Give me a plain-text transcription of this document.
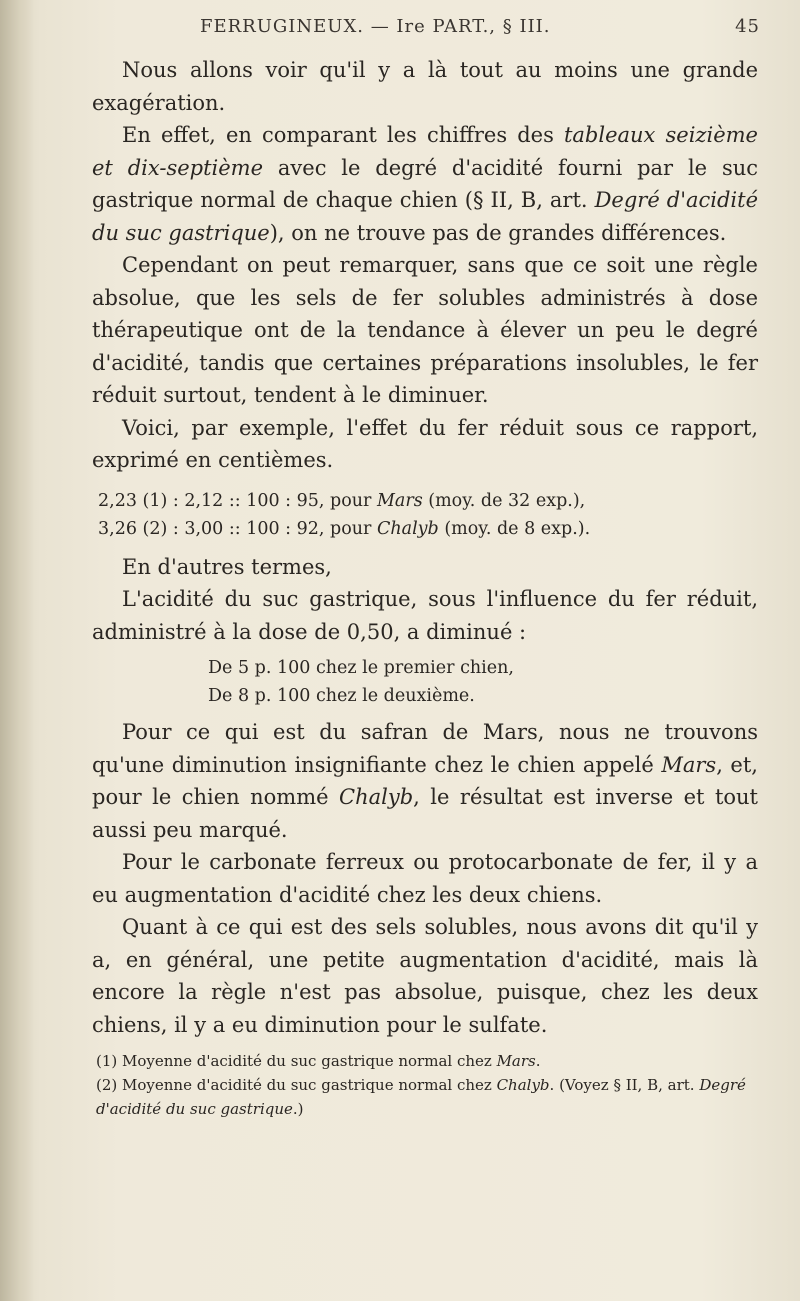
FERRUGINEUX. — Ire PART., § III.	45

Nous allons voir qu'il y a là tout au moins une grande exagération.

En effet, en comparant les chiffres des tableaux seizième et dix-septième avec le degré d'acidité fourni par le suc gastrique normal de chaque chien (§ II, B, art. Degré d'acidité du suc gastrique), on ne trouve pas de grandes différences.

Cependant on peut remarquer, sans que ce soit une règle absolue, que les sels de fer solubles administrés à dose thérapeutique ont de la tendance à élever un peu le degré d'acidité, tandis que certaines préparations insolubles, le fer réduit surtout, tendent à le diminuer.

Voici, par exemple, l'effet du fer réduit sous ce rapport, exprimé en centièmes.

2,23 (1) : 2,12 :: 100 : 95, pour Mars (moy. de 32 exp.),
3,26 (2) : 3,00 :: 100 : 92, pour Chalyb (moy. de 8 exp.).

En d'autres termes,

L'acidité du suc gastrique, sous l'influence du fer réduit, administré à la dose de 0,50, a diminué :

De 5 p. 100 chez le premier chien,
De 8 p. 100 chez le deuxième.

Pour ce qui est du safran de Mars, nous ne trouvons qu'une diminution insignifiante chez le chien appelé Mars, et, pour le chien nommé Chalyb, le résultat est inverse et tout aussi peu marqué.

Pour le carbonate ferreux ou protocarbonate de fer, il y a eu augmentation d'acidité chez les deux chiens.

Quant à ce qui est des sels solubles, nous avons dit qu'il y a, en général, une petite augmentation d'acidité, mais là encore la règle n'est pas absolue, puisque, chez les deux chiens, il y a eu diminution pour le sulfate.

(1) Moyenne d'acidité du suc gastrique normal chez Mars.
(2) Moyenne d'acidité du suc gastrique normal chez Chalyb. (Voyez § II, B, art. Degré d'acidité du suc gastrique.)
